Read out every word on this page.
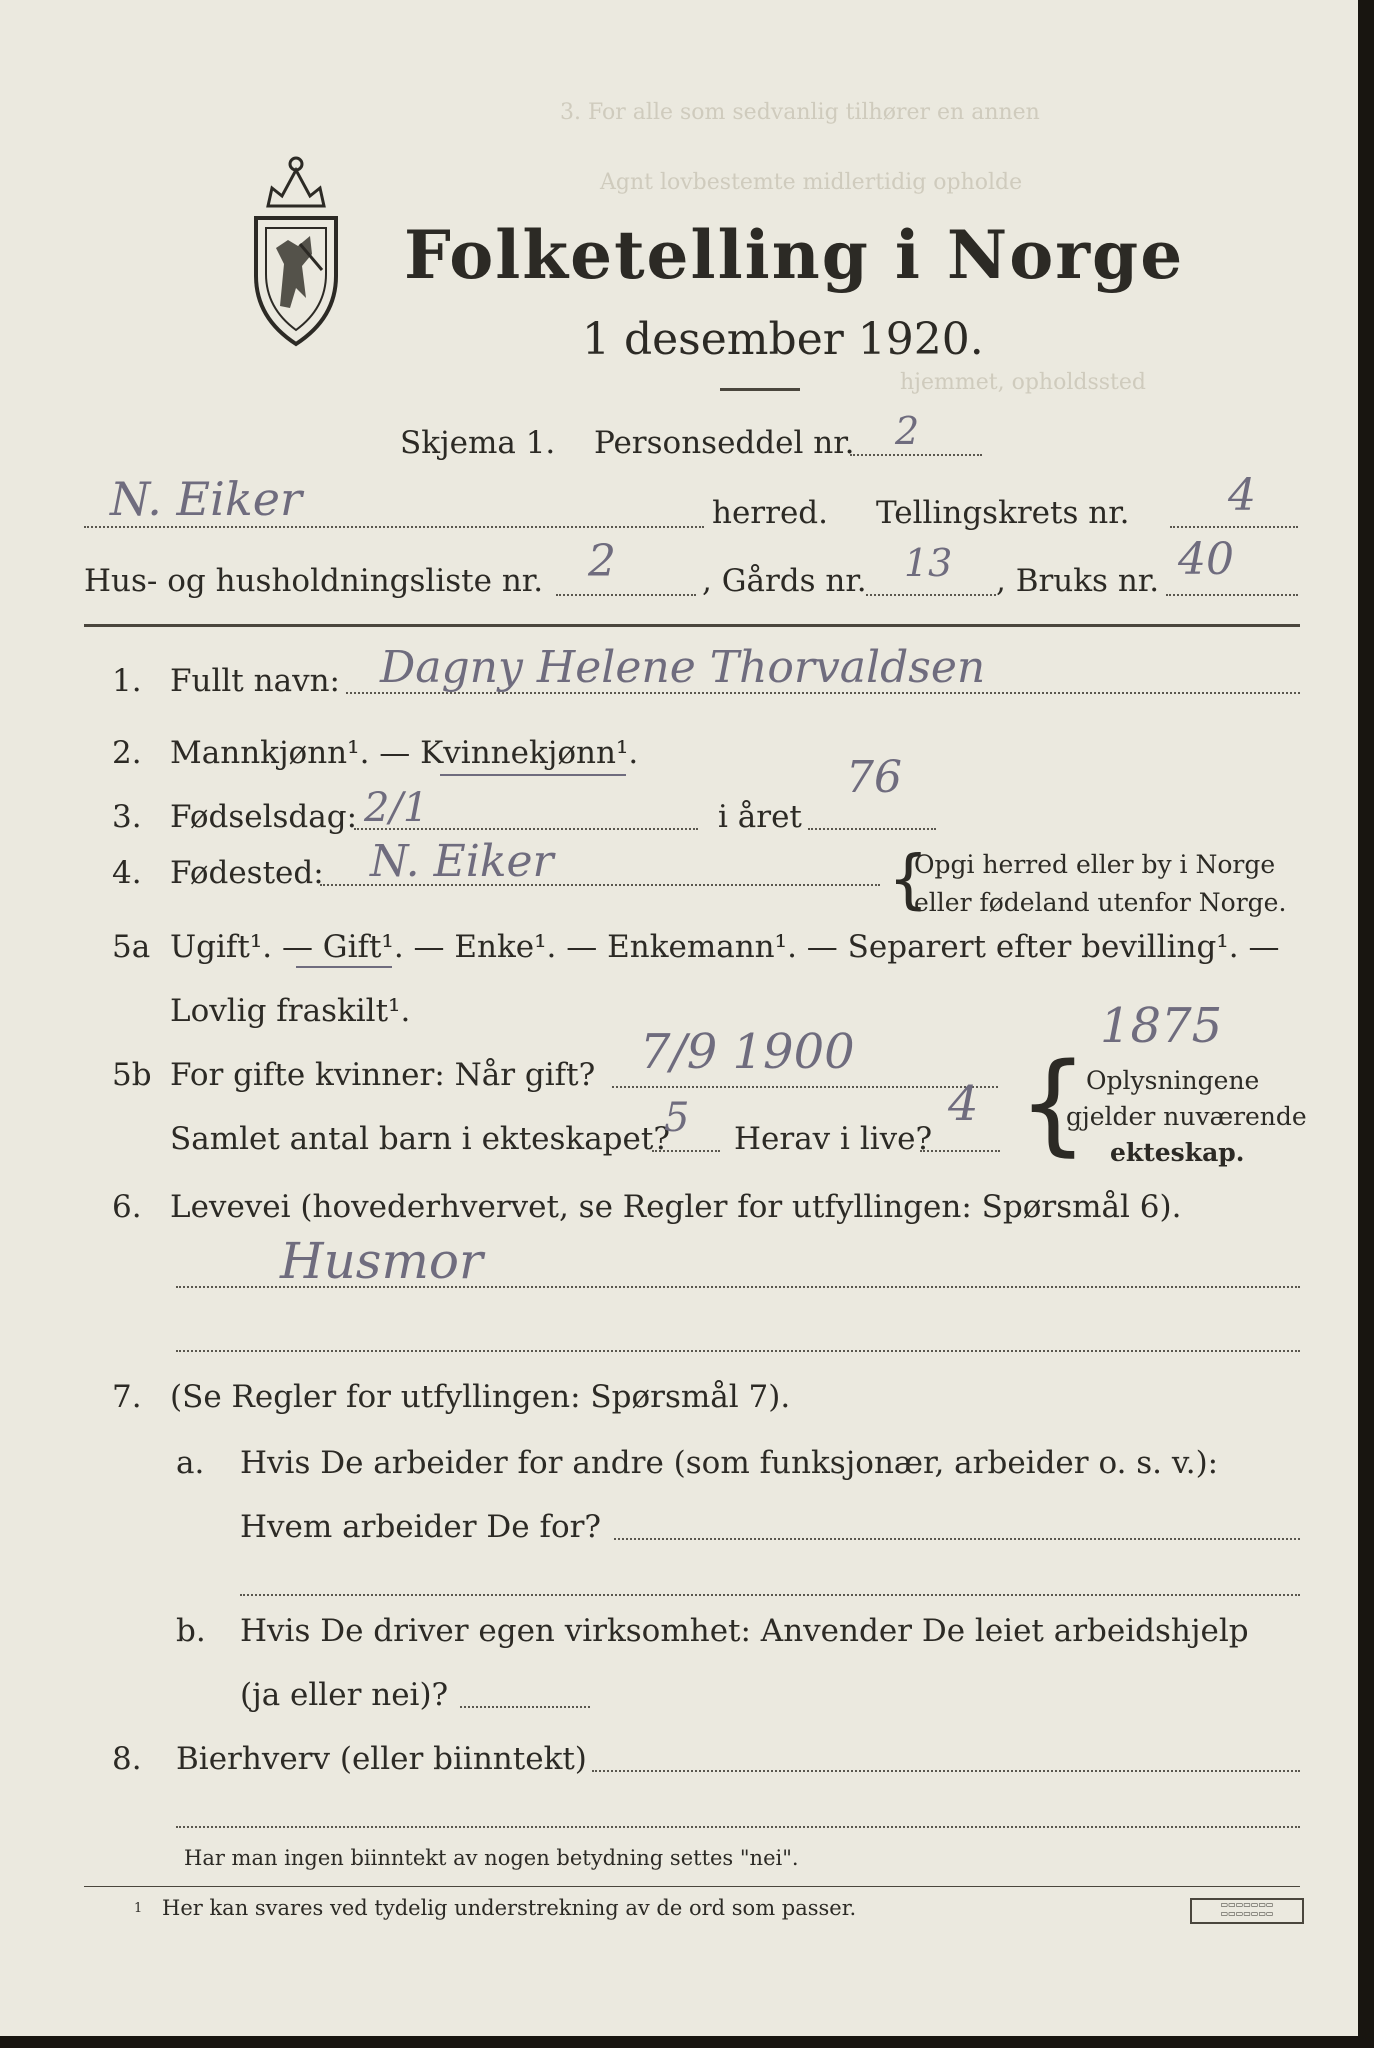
3. For alle som sedvanlig tilhører en annen
Agnt lovbestemte midlertidig opholde
hjemmet, opholdssted
Folketelling i Norge
1 desember 1920.
Skjema 1. Personseddel nr. 2
N. Eiker	herred. Tellingskrets nr. 4
Hus- og husholdningsliste nr. 2	, Gårds nr. 13 , Bruks nr. 40
1. Fullt navn: Dagny Helene Thorvaldsen
2. Mannkjønn¹. — Kvinnekjønn¹.
3. Fødselsdag: 2/1	i året
76
4. Fødested: N. Eiker	{
Opgi herred eller by i Norge
eller fødeland utenfor Norge.
5a Ugift¹. — Gift¹. — Enke¹. — Enkemann¹. — Separert efter bevilling¹. —
Lovlig fraskilt¹.
5b For gifte kvinner: Når gift? 7/9 1900	1875
Samlet antal barn i ekteskapet?
5 Herav i live?
4 {
Oplysningene
gjelder nuværende
ekteskap.
6. Levevei (hovederhvervet, se Regler for utfyllingen: Spørsmål 6).
Husmor
7. (Se Regler for utfyllingen: Spørsmål 7).
a. Hvis De arbeider for andre (som funksjonær, arbeider o. s. v.):
Hvem arbeider De for?
b. Hvis De driver egen virksomhet: Anvender De leiet arbeidshjelp
(ja eller nei)?
8. Bierhverv (eller biinntekt)
Har man ingen biinntekt av nogen betydning settes "nei".
1 Her kan svares ved tydelig understrekning av de ord som passer.	▭▭▭▭▭▭▭
▭▭▭▭▭▭▭
